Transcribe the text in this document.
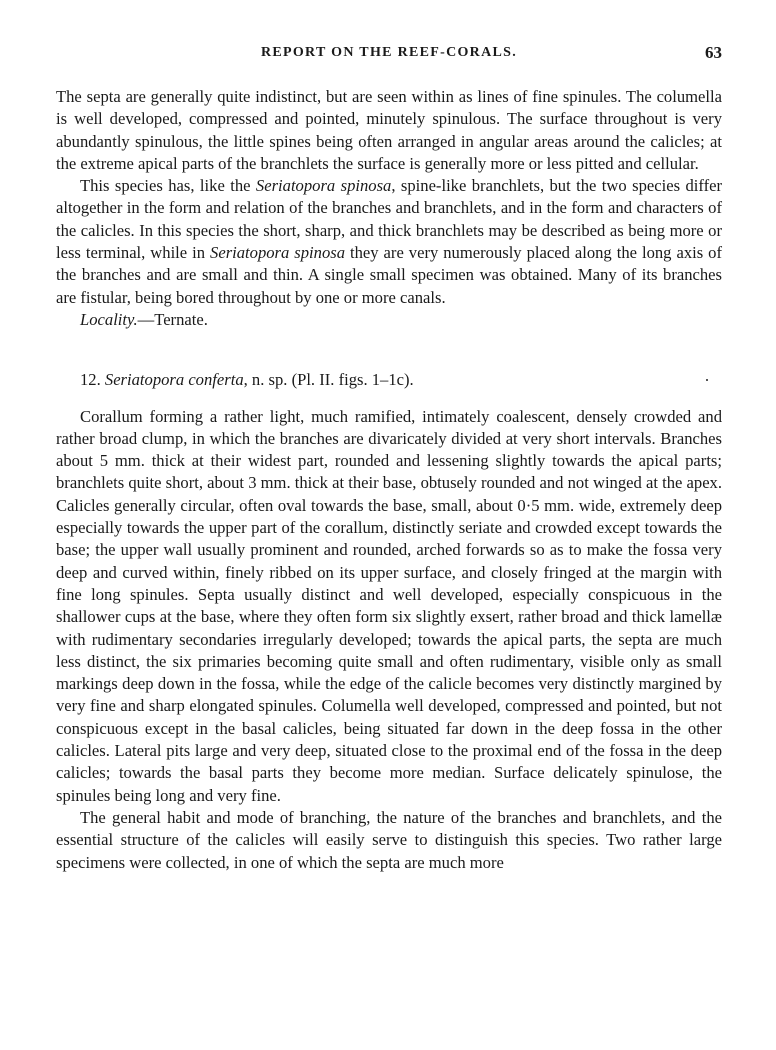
REPORT ON THE REEF-CORALS.	63

The septa are generally quite indistinct, but are seen within as lines of fine spinules. The columella is well developed, compressed and pointed, minutely spinulous. The surface throughout is very abundantly spinulous, the little spines being often arranged in angular areas around the calicles; at the extreme apical parts of the branchlets the surface is generally more or less pitted and cellular.

This species has, like the Seriatopora spinosa, spine-like branchlets, but the two species differ altogether in the form and relation of the branches and branchlets, and in the form and characters of the calicles. In this species the short, sharp, and thick branchlets may be described as being more or less terminal, while in Seriatopora spinosa they are very numerously placed along the long axis of the branches and are small and thin. A single small specimen was obtained. Many of its branches are fistular, being bored throughout by one or more canals.

Locality.—Ternate.

12. Seriatopora conferta, n. sp. (Pl. II. figs. 1–1c).

Corallum forming a rather light, much ramified, intimately coalescent, densely crowded and rather broad clump, in which the branches are divaricately divided at very short intervals. Branches about 5 mm. thick at their widest part, rounded and lessening slightly towards the apical parts; branchlets quite short, about 3 mm. thick at their base, obtusely rounded and not winged at the apex. Calicles generally circular, often oval towards the base, small, about 0·5 mm. wide, extremely deep especially towards the upper part of the corallum, distinctly seriate and crowded except towards the base; the upper wall usually prominent and rounded, arched forwards so as to make the fossa very deep and curved within, finely ribbed on its upper surface, and closely fringed at the margin with fine long spinules. Septa usually distinct and well developed, especially conspicuous in the shallower cups at the base, where they often form six slightly exsert, rather broad and thick lamellæ with rudimentary secondaries irregularly developed; towards the apical parts, the septa are much less distinct, the six primaries becoming quite small and often rudimentary, visible only as small markings deep down in the fossa, while the edge of the calicle becomes very distinctly margined by very fine and sharp elongated spinules. Columella well developed, compressed and pointed, but not conspicuous except in the basal calicles, being situated far down in the deep fossa in the other calicles. Lateral pits large and very deep, situated close to the proximal end of the fossa in the deep calicles; towards the basal parts they become more median. Surface delicately spinulose, the spinules being long and very fine.

The general habit and mode of branching, the nature of the branches and branchlets, and the essential structure of the calicles will easily serve to distinguish this species. Two rather large specimens were collected, in one of which the septa are much more
